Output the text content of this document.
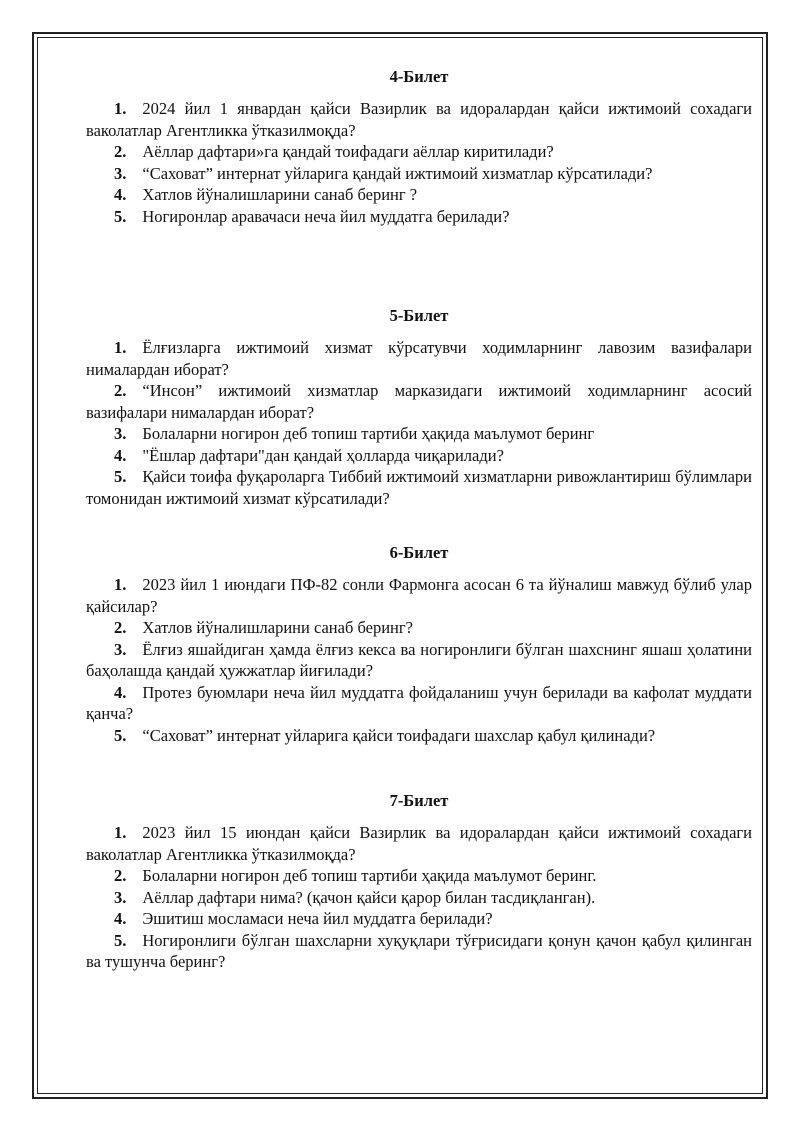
4-Билет

1. 2024 йил 1 январдан қайси Вазирлик ва идоралардан қайси ижтимоий сохадаги ваколатлар Агентликка ўтказилмоқда?

2. Аёллар дафтари»га қандай тоифадаги аёллар киритилади?

3. “Саховат” интернат уйларига қандай ижтимоий хизматлар кўрсатилади?

4. Хатлов йўналишларини санаб беринг ?

5. Ногиронлар аравачаси неча йил муддатга берилади?

5-Билет

1. Ёлғизларга ижтимоий хизмат кўрсатувчи ходимларнинг лавозим вазифалари нималардан иборат?

2. “Инсон” ижтимоий хизматлар марказидаги ижтимоий ходимларнинг асосий вазифалари нималардан иборат?

3. Болаларни ногирон деб топиш тартиби ҳақида маълумот беринг

4. "Ёшлар дафтари"дан қандай ҳолларда чиқарилади?

5. Қайси тоифа фуқароларга Тиббий ижтимоий хизматларни ривожлантириш бўлимлари томонидан ижтимоий хизмат кўрсатилади?

6-Билет

1. 2023 йил 1 июндаги ПФ-82 сонли Фармонга асосан 6 та йўналиш мавжуд бўлиб улар қайсилар?

2. Хатлов йўналишларини санаб беринг?

3. Ёлғиз яшайдиган ҳамда ёлғиз кекса ва ногиронлиги бўлган шахснинг яшаш ҳолатини баҳолашда қандай ҳужжатлар йиғилади?

4. Протез буюмлари неча йил муддатга фойдаланиш учун берилади ва кафолат муддати қанча?

5. “Саховат” интернат уйларига қайси тоифадаги шахслар қабул қилинади?

7-Билет

1. 2023 йил 15 июндан қайси Вазирлик ва идоралардан қайси ижтимоий сохадаги ваколатлар Агентликка ўтказилмоқда?

2. Болаларни ногирон деб топиш тартиби ҳақида маълумот беринг.

3. Аёллар дафтари нима? (қачон қайси қарор билан тасдиқланган).

4. Эшитиш мосламаси неча йил муддатга берилади?

5. Ногиронлиги бўлган шахсларни хуқуқлари тўғрисидаги қонун қачон қабул қилинган ва тушунча беринг?
